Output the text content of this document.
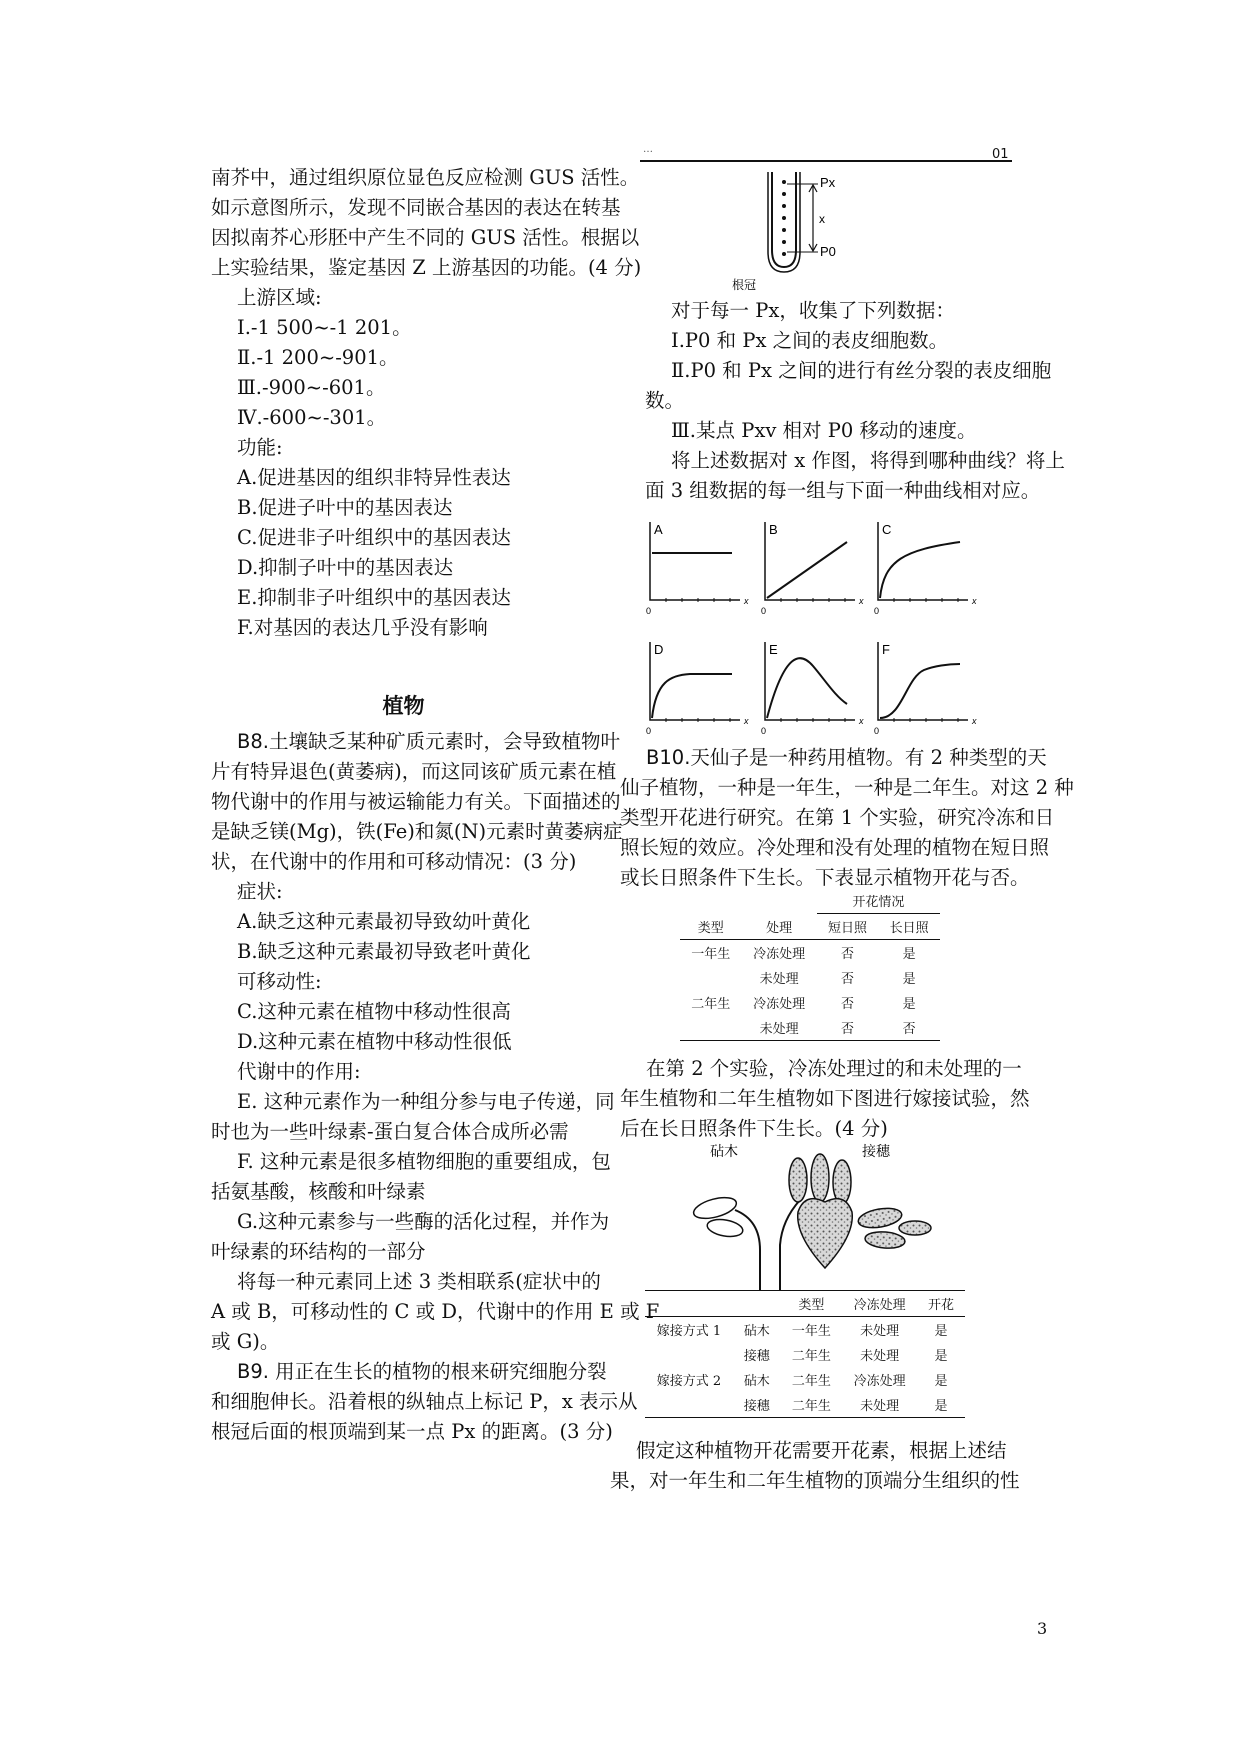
…	01
南芥中，通过组织原位显色反应检测 GUS 活性。
如示意图所示，发现不同嵌合基因的表达在转基
因拟南芥心形胚中产生不同的 GUS 活性。根据以
上实验结果，鉴定基因 Z 上游基因的功能。(4 分)
上游区域:
Ⅰ.-1 500~-1 201。
Ⅱ.-1 200~-901。
Ⅲ.-900~-601。
Ⅳ.-600~-301。
功能:
A.促进基因的组织非特异性表达
B.促进子叶中的基因表达
C.促进非子叶组织中的基因表达
D.抑制子叶中的基因表达
E.抑制非子叶组织中的基因表达
F.对基因的表达几乎没有影响
植物
B8.土壤缺乏某种矿质元素时，会导致植物叶
片有特异退色(黄萎病)，而这同该矿质元素在植
物代谢中的作用与被运输能力有关。下面描述的
是缺乏镁(Mg)，铁(Fe)和氮(N)元素时黄萎病症
状，在代谢中的作用和可移动情况：(3 分)
症状:
A.缺乏这种元素最初导致幼叶黄化
B.缺乏这种元素最初导致老叶黄化
可移动性:
C.这种元素在植物中移动性很高
D.这种元素在植物中移动性很低
代谢中的作用:
E. 这种元素作为一种组分参与电子传递，同
时也为一些叶绿素-蛋白复合体合成所必需
F. 这种元素是很多植物细胞的重要组成，包
括氨基酸，核酸和叶绿素
G.这种元素参与一些酶的活化过程，并作为
叶绿素的环结构的一部分
将每一种元素同上述 3 类相联系(症状中的
A 或 B，可移动性的 C 或 D，代谢中的作用 E 或 F
或 G)。
B9. 用正在生长的植物的根来研究细胞分裂
和细胞伸长。沿着根的纵轴点上标记 P，x 表示从
根冠后面的根顶端到某一点 Px 的距离。(3 分)
Px
x
P0
根冠
对于每一 Px，收集了下列数据：
Ⅰ.P0 和 Px 之间的表皮细胞数。
Ⅱ.P0 和 Px 之间的进行有丝分裂的表皮细胞
数。
Ⅲ.某点 Pxv 相对 P0 移动的速度。
将上述数据对 x 作图，将得到哪种曲线？将上
面 3 组数据的每一组与下面一种曲线相对应。
A
0
x
B
0
x
C
0
x
D
0
x
E
0
x
F
0
x
B10.天仙子是一种药用植物。有 2 种类型的天
仙子植物，一种是一年生，一种是二年生。对这 2 种
类型开花进行研究。在第 1 个实验，研究冷冻和日
照长短的效应。冷处理和没有处理的植物在短日照
或长日照条件下生长。下表显示植物开花与否。
		开花情况	
类型	处理	短日照	长日照
一年生	冷冻处理	否	是
	未处理	否	是
二年生	冷冻处理	否	是
	未处理	否	否
在第 2 个实验，冷冻处理过的和未处理的一
年生植物和二年生植物如下图进行嫁接试验，然
后在长日照条件下生长。(4 分)
砧木	接穗
		类型	冷冻处理	开花
嫁接方式 1	砧木	一年生	未处理	是
	接穗	二年生	未处理	是
嫁接方式 2	砧木	二年生	冷冻处理	是
	接穗	二年生	未处理	是
假定这种植物开花需要开花素，根据上述结
果，对一年生和二年生植物的顶端分生组织的性
3
